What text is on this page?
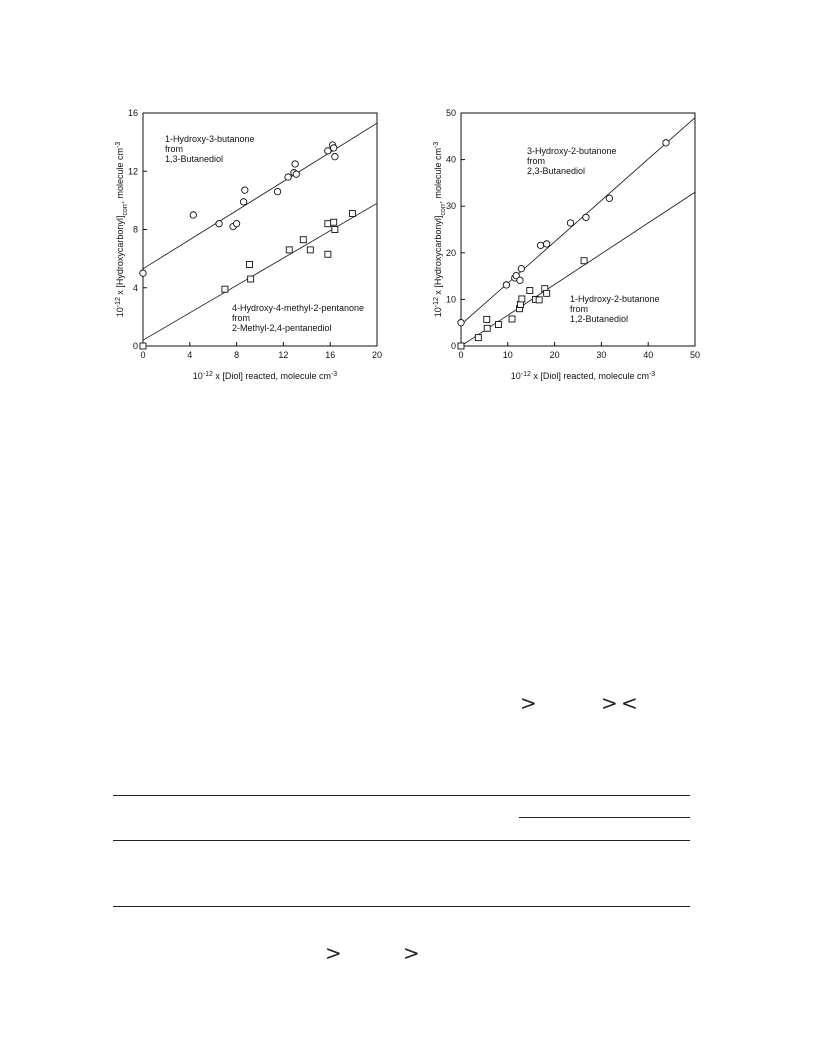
0	4	8	12	16	20
0
4
8
12
16
$10^{-12}$ x [Diol] reacted, molecule $cm^{-3}$
$10^{-12}$ x $[Hydroxycarbonyl]_{corr}$, molecule $cm^{-3}$
1-Hydroxy-3-butanone from 1,3-Butanediol
4-Hydroxy-4-methyl-2-pentanone from 2-Methyl-2,4-pentanediol
0	10	20	30	40	50
0
10
20
30
40
50
$10^{-12}$ x [Diol] reacted, molecule $cm^{-3}$
$10^{-12}$ x $[Hydroxycarbonyl]_{corr}$, molecule $cm^{-3}$
3-Hydroxy-2-butanone from 2,3-Butanediol
1-Hydroxy-2-butanone from 1,2-Butanediol
>	> <
>	>
